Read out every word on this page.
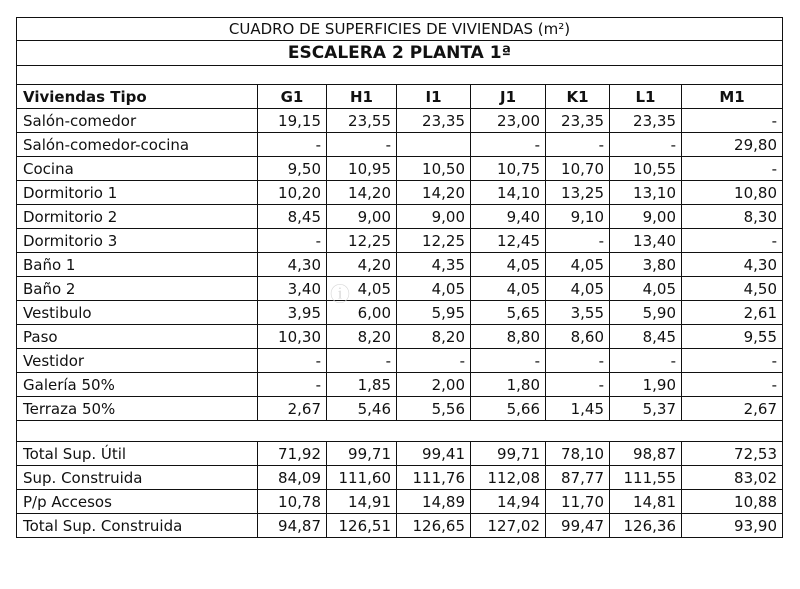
CUADRO DE SUPERFICIES DE VIVIENDAS (m²)							
ESCALERA 2 PLANTA 1ª							

Viviendas Tipo	G1	H1	I1	J1	K1	L1	M1
Salón-comedor	19,15	23,55	23,35	23,00	23,35	23,35	-
Salón-comedor-cocina	-	-		-	-	-	29,80
Cocina	9,50	10,95	10,50	10,75	10,70	10,55	-
Dormitorio 1	10,20	14,20	14,20	14,10	13,25	13,10	10,80
Dormitorio 2	8,45	9,00	9,00	9,40	9,10	9,00	8,30
Dormitorio 3	-	12,25	12,25	12,45	-	13,40	-
Baño 1	4,30	4,20	4,35	4,05	4,05	3,80	4,30
Baño 2	3,40	4,05	4,05	4,05	4,05	4,05	4,50
Vestibulo	3,95	6,00	5,95	5,65	3,55	5,90	2,61
Paso	10,30	8,20	8,20	8,80	8,60	8,45	9,55
Vestidor	-	-	-	-	-	-	-
Galería 50%	-	1,85	2,00	1,80	-	1,90	-
Terraza 50%	2,67	5,46	5,56	5,66	1,45	5,37	2,67

Total Sup. Útil	71,92	99,71	99,41	99,71	78,10	98,87	72,53
Sup. Construida	84,09	111,60	111,76	112,08	87,77	111,55	83,02
P/p Accesos	10,78	14,91	14,89	14,94	11,70	14,81	10,88
Total Sup. Construida	94,87	126,51	126,65	127,02	99,47	126,36	93,90
ⓘ
